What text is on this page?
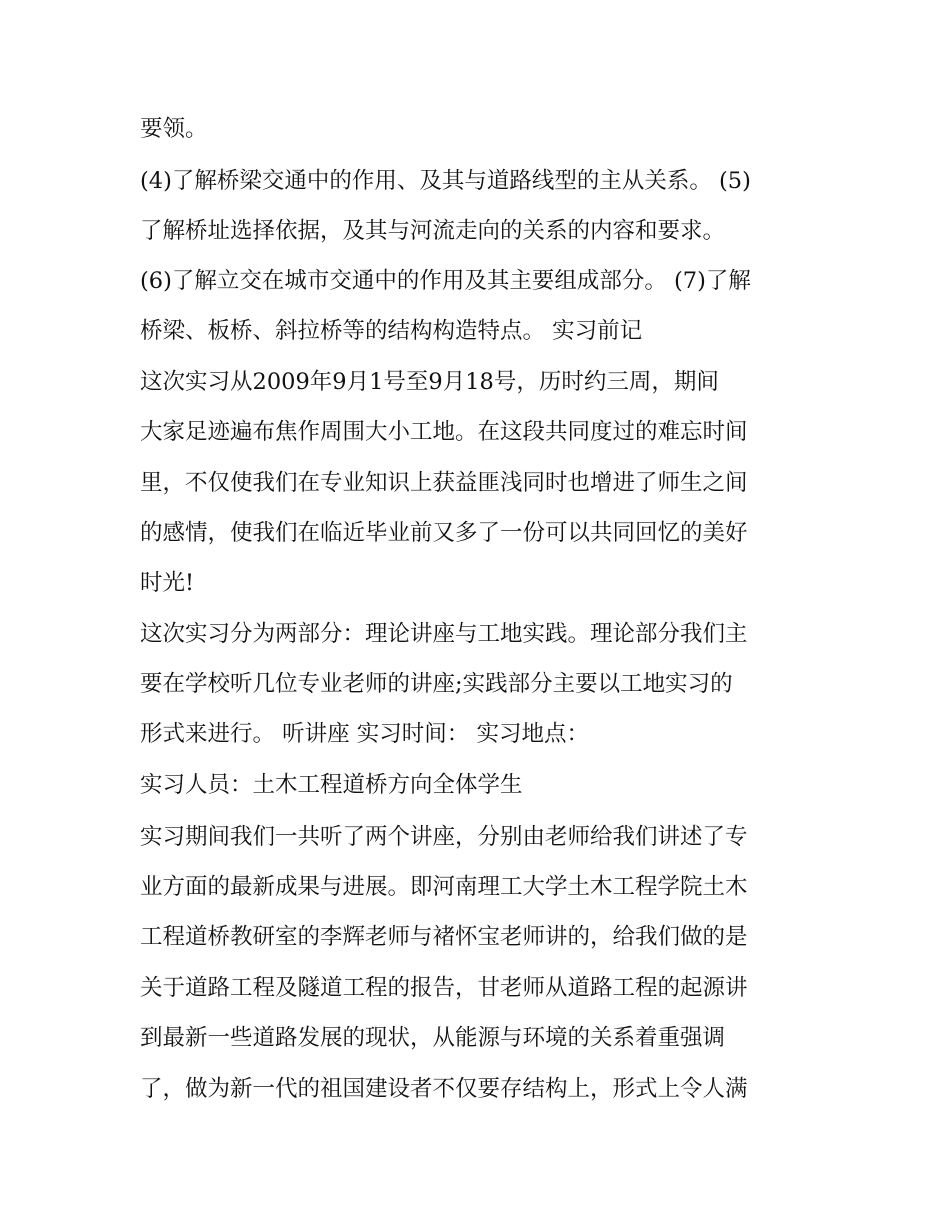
要领。
(4)了解桥梁交通中的作用、及其与道路线型的主从关系。 (5)
了解桥址选择依据，及其与河流走向的关系的内容和要求。
(6)了解立交在城市交通中的作用及其主要组成部分。 (7)了解
桥梁、板桥、斜拉桥等的结构构造特点。 实习前记
这次实习从2009年9月1号至9月18号，历时约三周，期间
大家足迹遍布焦作周围大小工地。在这段共同度过的难忘时间
里，不仅使我们在专业知识上获益匪浅同时也增进了师生之间
的感情，使我们在临近毕业前又多了一份可以共同回忆的美好
时光!
这次实习分为两部分：理论讲座与工地实践。理论部分我们主
要在学校听几位专业老师的讲座;实践部分主要以工地实习的
形式来进行。 听讲座 实习时间： 实习地点：
实习人员：土木工程道桥方向全体学生
实习期间我们一共听了两个讲座，分别由老师给我们讲述了专
业方面的最新成果与进展。即河南理工大学土木工程学院土木
工程道桥教研室的李辉老师与褚怀宝老师讲的，给我们做的是
关于道路工程及隧道工程的报告，甘老师从道路工程的起源讲
到最新一些道路发展的现状，从能源与环境的关系着重强调
了，做为新一代的祖国建设者不仅要存结构上，形式上令人满
